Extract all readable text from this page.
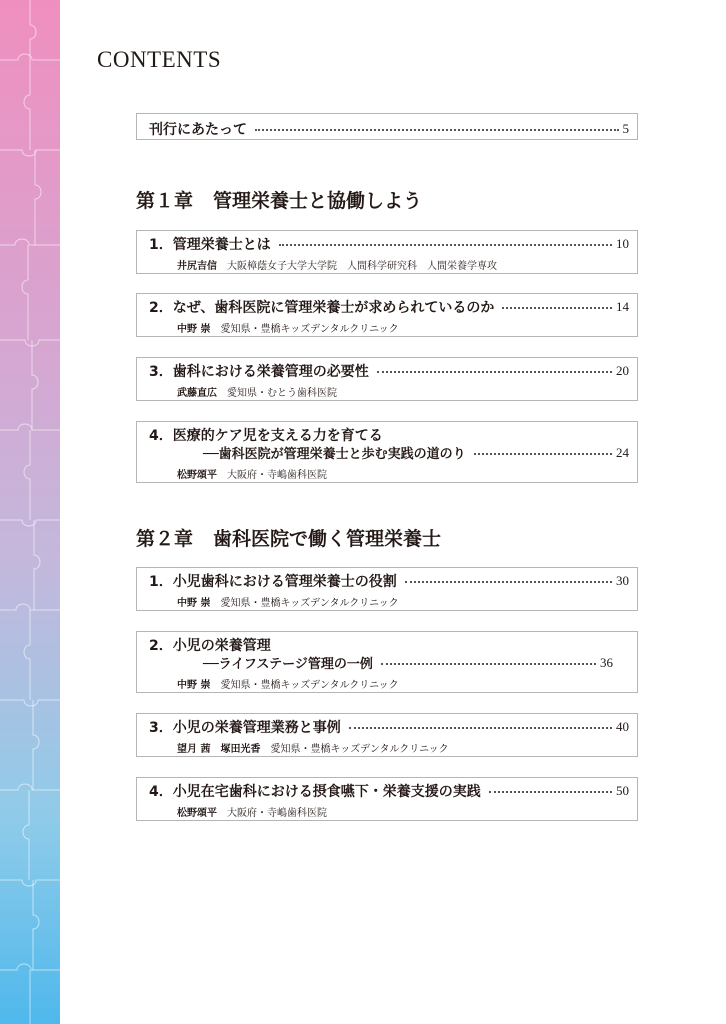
CONTENTS
刊行にあたって	5
第１章 管理栄養士と協働しよう
1． 管理栄養士とは	10
井尻吉信 大阪樟蔭女子大学大学院　人間科学研究科　人間栄養学専攻
2． なぜ、歯科医院に管理栄養士が求められているのか	14
中野 崇 愛知県・豊橋キッズデンタルクリニック
3． 歯科における栄養管理の必要性	20
武藤直広 愛知県・むとう歯科医院
4． 医療的ケア児を支える力を育てる
──歯科医院が管理栄養士と歩む実践の道のり	24
松野頌平 大阪府・寺嶋歯科医院
第２章 歯科医院で働く管理栄養士
1． 小児歯科における管理栄養士の役割	30
中野 崇 愛知県・豊橋キッズデンタルクリニック
2． 小児の栄養管理
──ライフステージ管理の一例	36
中野 崇 愛知県・豊橋キッズデンタルクリニック
3． 小児の栄養管理業務と事例	40
望月 茜　塚田光香 愛知県・豊橋キッズデンタルクリニック
4． 小児在宅歯科における摂食嚥下・栄養支援の実践	50
松野頌平 大阪府・寺嶋歯科医院
